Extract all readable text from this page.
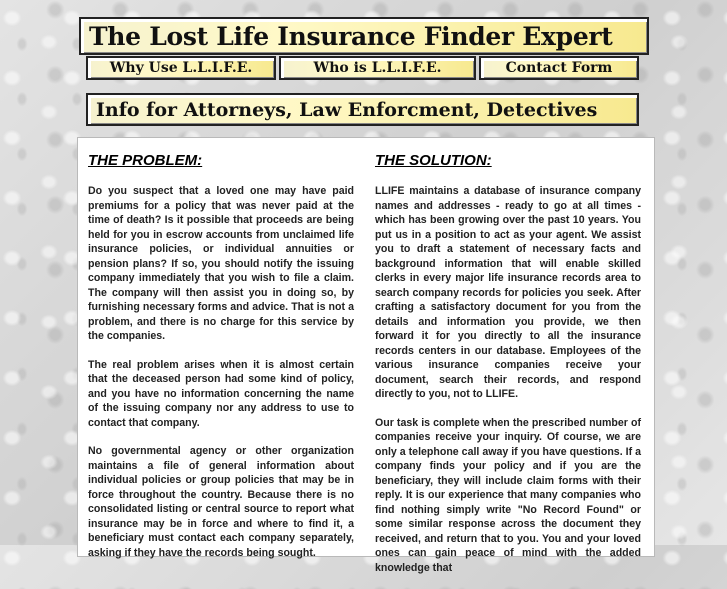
The Lost Life Insurance Finder Expert
Why Use L.L.I.F.E.	Who is L.L.I.F.E.	Contact Form
Info for Attorneys, Law Enforcment, Detectives
THE PROBLEM:

Do you suspect that a loved one may have paid premiums for a policy that was never paid at the time of death? Is it possible that proceeds are being held for you in escrow accounts from unclaimed life insurance policies, or individual annuities or pension plans? If so, you should notify the issuing company immediately that you wish to file a claim. The company will then assist you in doing so, by furnishing necessary forms and advice. That is not a problem, and there is no charge for this service by the companies.

The real problem arises when it is almost certain that the deceased person had some kind of policy, and you have no information concerning the name of the issuing company nor any address to use to contact that company.

No governmental agency or other organization maintains a file of general information about individual policies or group policies that may be in force throughout the country. Because there is no consolidated listing or central source to report what insurance may be in force and where to find it, a beneficiary must contact each company separately, asking if they have the records being sought.

THE SOLUTION:

LLIFE maintains a database of insurance company names and addresses - ready to go at all times - which has been growing over the past 10 years. You put us in a position to act as your agent. We assist you to draft a statement of necessary facts and background information that will enable skilled clerks in every major life insurance records area to search company records for policies you seek. After crafting a satisfactory document for you from the details and information you provide, we then forward it for you directly to all the insurance records centers in our database. Employees of the various insurance companies receive your document, search their records, and respond directly to you, not to LLIFE.

Our task is complete when the prescribed number of companies receive your inquiry. Of course, we are only a telephone call away if you have questions. If a company finds your policy and if you are the beneficiary, they will include claim forms with their reply. It is our experience that many companies who find nothing simply write "No Record Found" or some similar response across the document they received, and return that to you. You and your loved ones can gain peace of mind with the added knowledge that
